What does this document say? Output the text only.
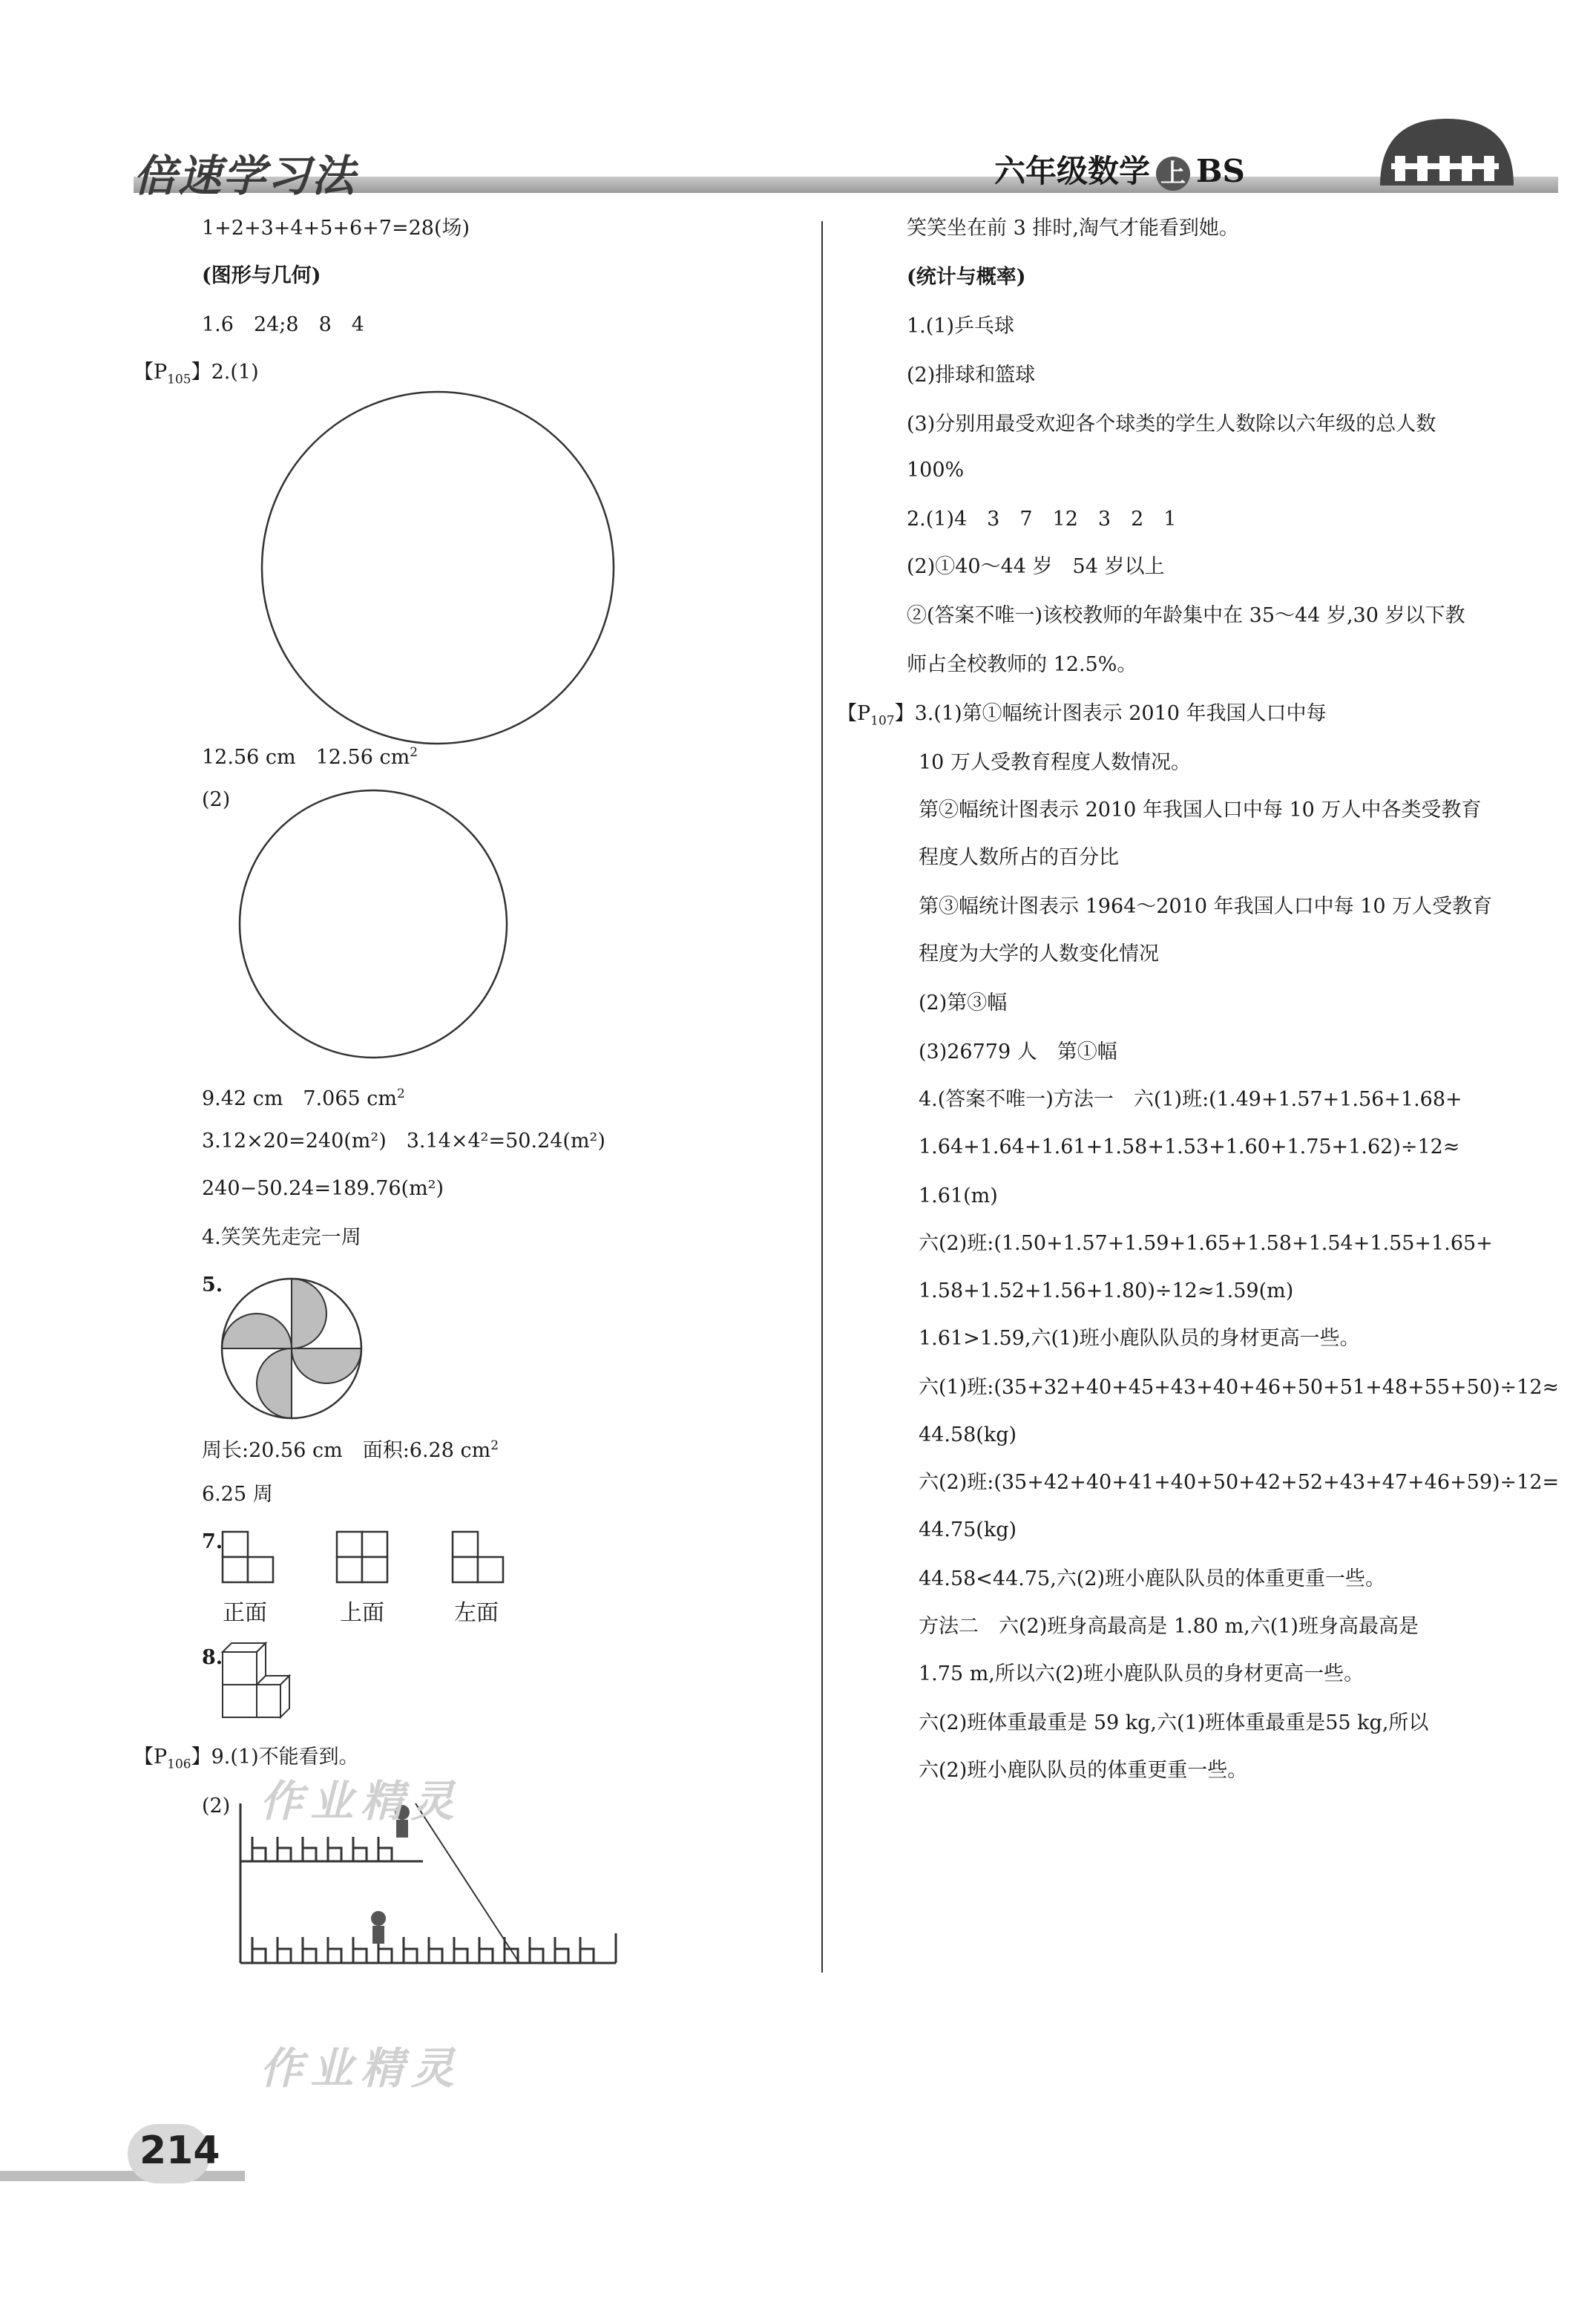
倍速学习法	六年级数学 上 BS
1+2+3+4+5+6+7=28(场)
(图形与几何)
1.6　24;8　8　4
【$P_{105}$】2.(1)
12.56 cm　12.56 $cm^2$
(2)
9.42 cm　7.065 $cm^2$
3.12×20=240(m²)　3.14×4²=50.24(m²)
240−50.24=189.76(m²)
4.笑笑先走完一周
5.
周长:20.56 cm　面积:6.28 $cm^2$
6.25 周
7.
正面	上面	左面
8.
【$P_{106}$】9.(1)不能看到。
(2)
笑笑坐在前 3 排时,淘气才能看到她。
(统计与概率)
1.(1)乒乓球
(2)排球和篮球
(3)分别用最受欢迎各个球类的学生人数除以六年级的总人数
100%
2.(1)4　3　7　12　3　2　1
(2)①40～44 岁　54 岁以上
②(答案不唯一)该校教师的年龄集中在 35～44 岁,30 岁以下教
师占全校教师的 12.5%。
【$P_{107}$】3.(1)第①幅统计图表示 2010 年我国人口中每
10 万人受教育程度人数情况。
第②幅统计图表示 2010 年我国人口中每 10 万人中各类受教育
程度人数所占的百分比
第③幅统计图表示 1964～2010 年我国人口中每 10 万人受教育
程度为大学的人数变化情况
(2)第③幅
(3)26779 人　第①幅
4.(答案不唯一)方法一　六(1)班:(1.49+1.57+1.56+1.68+
1.64+1.64+1.61+1.58+1.53+1.60+1.75+1.62)÷12≈
1.61(m)
六(2)班:(1.50+1.57+1.59+1.65+1.58+1.54+1.55+1.65+
1.58+1.52+1.56+1.80)÷12≈1.59(m)
1.61>1.59,六(1)班小鹿队队员的身材更高一些。
六(1)班:(35+32+40+45+43+40+46+50+51+48+55+50)÷12≈
44.58(kg)
六(2)班:(35+42+40+41+40+50+42+52+43+47+46+59)÷12=
44.75(kg)
44.58<44.75,六(2)班小鹿队队员的体重更重一些。
方法二　六(2)班身高最高是 1.80 m,六(1)班身高最高是
1.75 m,所以六(2)班小鹿队队员的身材更高一些。
六(2)班体重最重是 59 kg,六(1)班体重最重是55 kg,所以
六(2)班小鹿队队员的体重更重一些。
作业精灵
作业精灵
214
